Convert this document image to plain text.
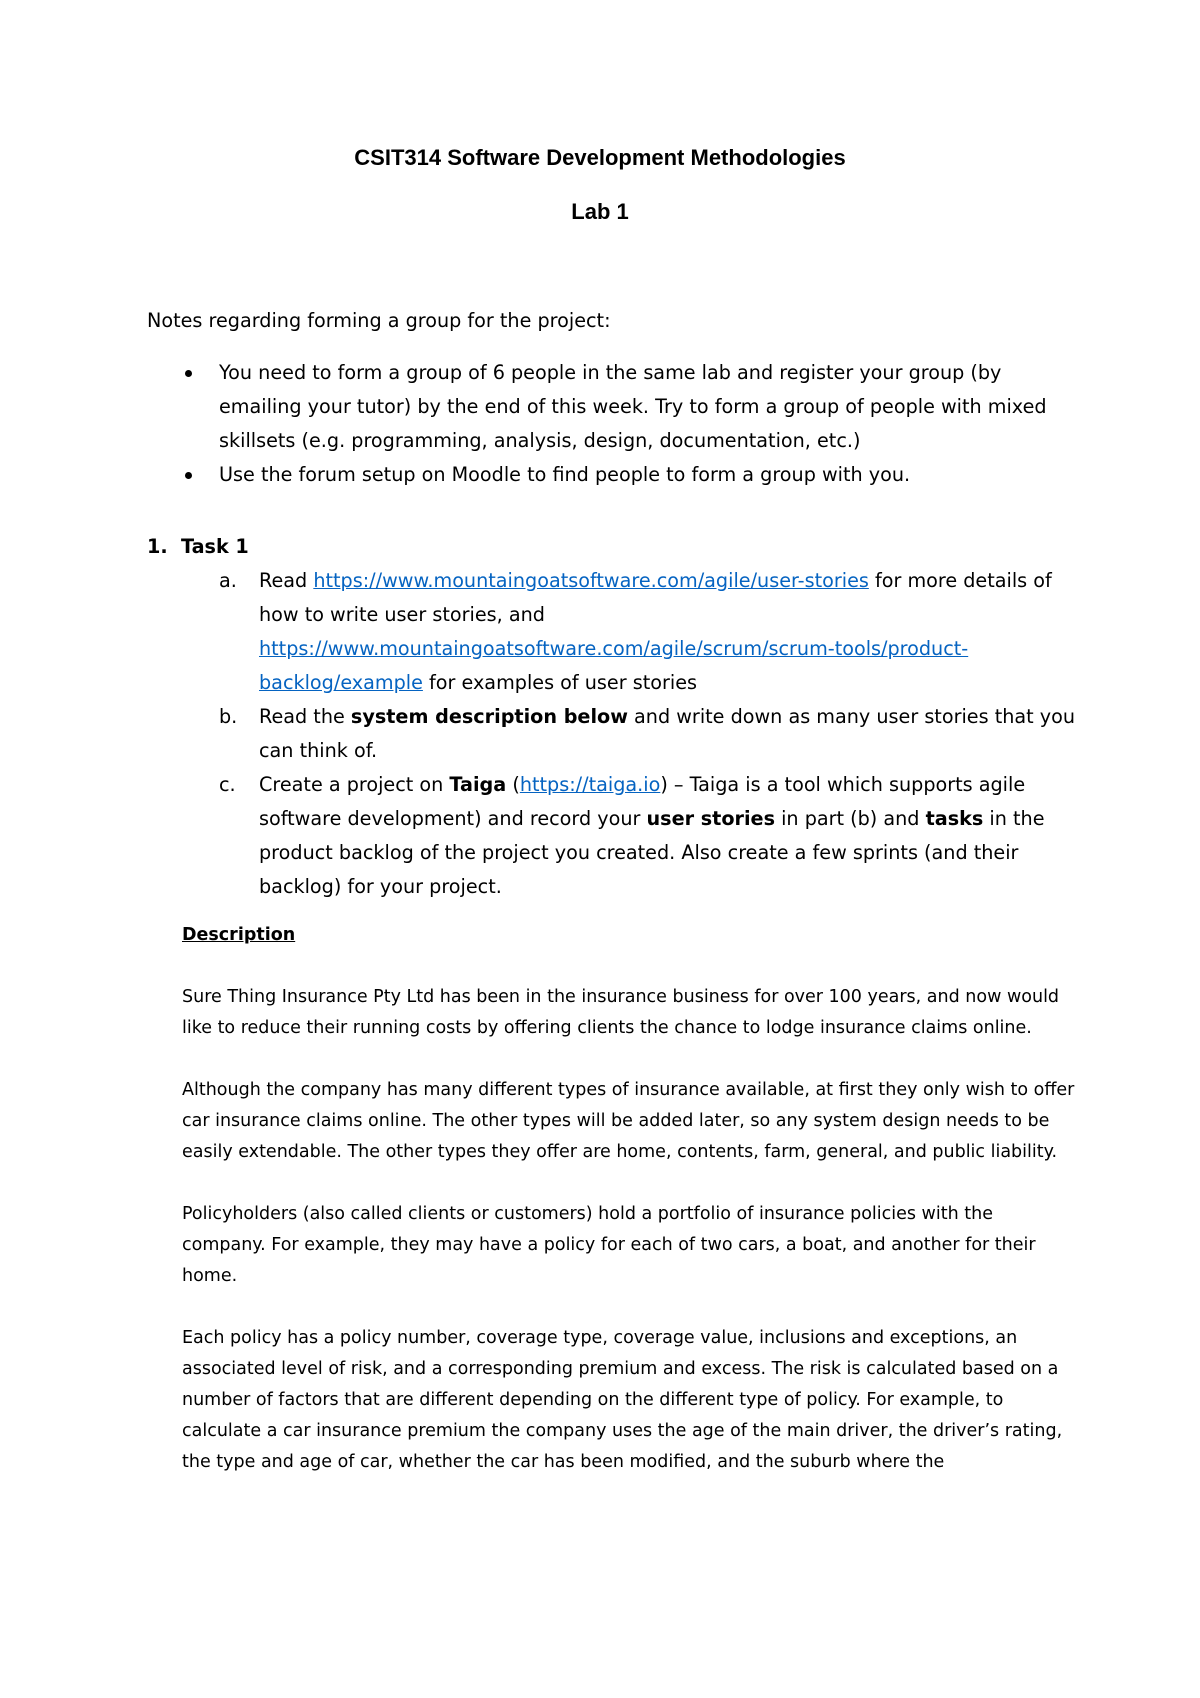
CSIT314 Software Development Methodologies
Lab 1
Notes regarding forming a group for the project:
You need to form a group of 6 people in the same lab and register your group (by emailing your tutor) by the end of this week. Try to form a group of people with mixed skillsets (e.g. programming, analysis, design, documentation, etc.)
Use the forum setup on Moodle to find people to form a group with you.
1. Task 1
a. Read https://www.mountaingoatsoftware.com/agile/user-stories for more details of how to write user stories, and https://www.mountaingoatsoftware.com/agile/scrum/scrum-tools/product-backlog/example for examples of user stories
b. Read the system description below and write down as many user stories that you can think of.
c. Create a project on Taiga (https://taiga.io) – Taiga is a tool which supports agile software development) and record your user stories in part (b) and tasks in the product backlog of the project you created. Also create a few sprints (and their backlog) for your project.

Description

Sure Thing Insurance Pty Ltd has been in the insurance business for over 100 years, and now would like to reduce their running costs by offering clients the chance to lodge insurance claims online.

Although the company has many different types of insurance available, at first they only wish to offer car insurance claims online. The other types will be added later, so any system design needs to be easily extendable. The other types they offer are home, contents, farm, general, and public liability.

Policyholders (also called clients or customers) hold a portfolio of insurance policies with the company. For example, they may have a policy for each of two cars, a boat, and another for their home.

Each policy has a policy number, coverage type, coverage value, inclusions and exceptions, an associated level of risk, and a corresponding premium and excess. The risk is calculated based on a number of factors that are different depending on the different type of policy. For example, to calculate a car insurance premium the company uses the age of the main driver, the driver’s rating, the type and age of car, whether the car has been modified, and the suburb where the
